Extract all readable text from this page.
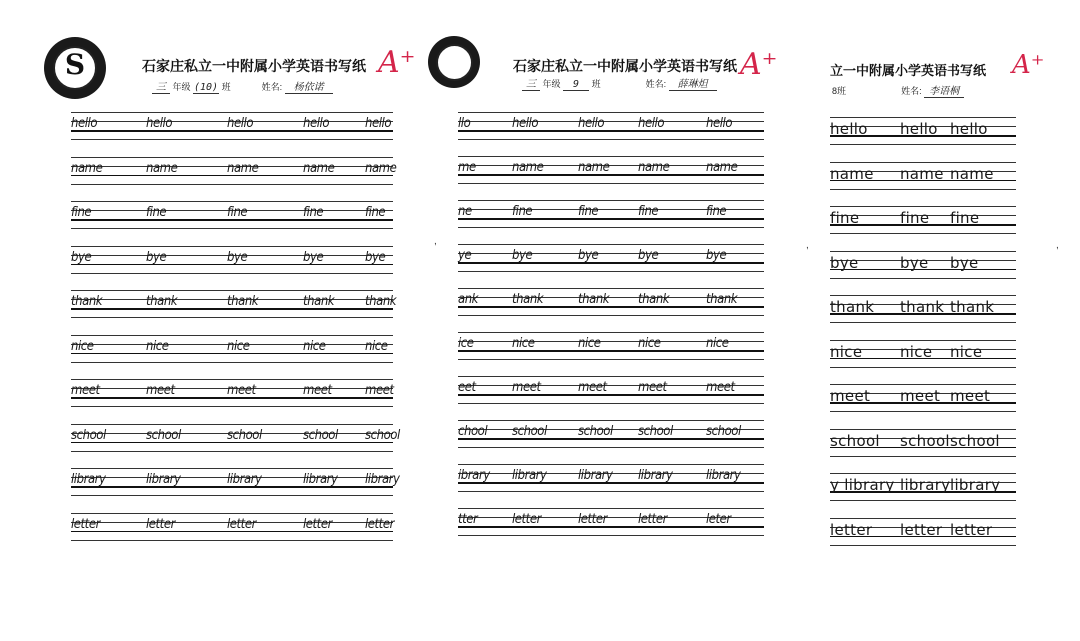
S	石家庄私立一中附属小学英语书写纸
三 年级 (10) 班	姓名: 杨依诺
A⁺
hello	hello	hello	hello	hello
name	name	name	name name
fine	fine	fine	fine	fine
bye	bye	bye	bye	bye
thank	thank	thank	thank thank
nice	nice	nice	nice	nice
meet	meet	meet	meet	meet
school	school	school	school school
library	library	library	library library
letter	letter	letter	letter	letter
石家庄私立一中附属小学英语书写纸
三 年级 9 班	姓名: 薛琳炟
A⁺
llo	hello	hello	hello	hello
me	name	name name	name
ne	fine	fine	fine	fine
ye	bye	bye	bye	bye
ank	thank	thank thank	thank
ice	nice	nice	nice	nice
eet	meet	meet meet	meet
chool school school school	school
ibrary library library library	library
tter	letter	letter letter	leter
立一中附属小学英语书写纸
8班	姓名: 李语桐
A⁺
hello hello hello
name name name
fine	fine fine
bye	bye bye
thank thank thank
nice	nice nice
meet meet meet
school school school
y library library library
letter letter letter
,	,	,
